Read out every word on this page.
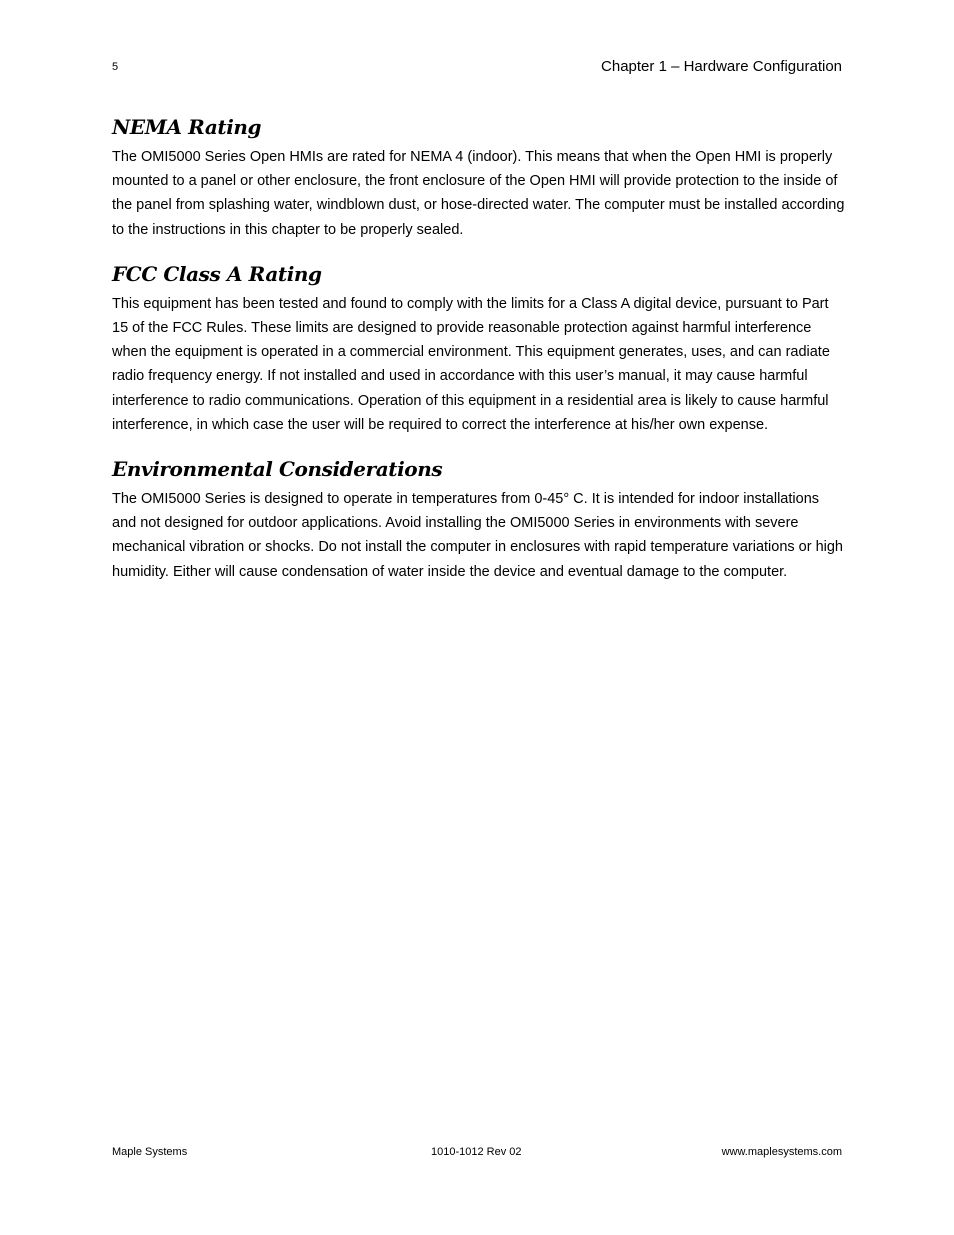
5	Chapter 1 – Hardware Configuration
NEMA Rating

The OMI5000 Series Open HMIs are rated for NEMA 4 (indoor). This means that when the Open HMI is properly mounted to a panel or other enclosure, the front enclosure of the Open HMI will provide protection to the inside of the panel from splashing water, windblown dust, or hose-directed water. The computer must be installed according to the instructions in this chapter to be properly sealed.

FCC Class A Rating

This equipment has been tested and found to comply with the limits for a Class A digital device, pursuant to Part 15 of the FCC Rules. These limits are designed to provide reasonable protection against harmful interference when the equipment is operated in a commercial environment. This equipment generates, uses, and can radiate radio frequency energy. If not installed and used in accordance with this user’s manual, it may cause harmful interference to radio communications. Operation of this equipment in a residential area is likely to cause harmful interference, in which case the user will be required to correct the interference at his/her own expense.

Environmental Considerations

The OMI5000 Series is designed to operate in temperatures from 0-45° C. It is intended for indoor installations and not designed for outdoor applications. Avoid installing the OMI5000 Series in environments with severe mechanical vibration or shocks. Do not install the computer in enclosures with rapid temperature variations or high humidity. Either will cause condensation of water inside the device and eventual damage to the computer.

Maple Systems	1010-1012 Rev 02	www.maplesystems.com
